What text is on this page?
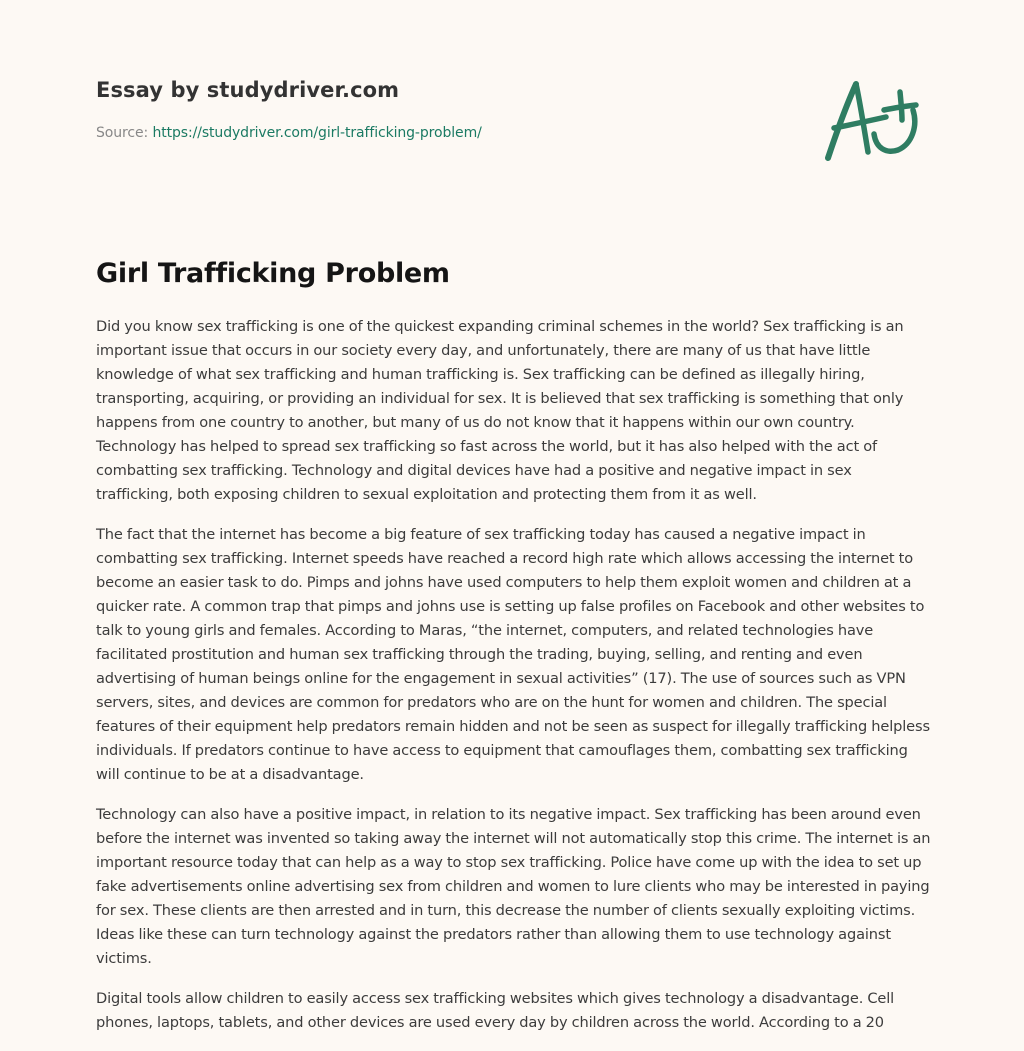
Essay by studydriver.com
Source: https://studydriver.com/girl-trafficking-problem/
Girl Trafficking Problem

Did you know sex trafficking is one of the quickest expanding criminal schemes in the world? Sex trafficking is an important issue that occurs in our society every day, and unfortunately, there are many of us that have little knowledge of what sex trafficking and human trafficking is. Sex trafficking can be defined as illegally hiring, transporting, acquiring, or providing an individual for sex. It is believed that sex trafficking is something that only happens from one country to another, but many of us do not know that it happens within our own country. Technology has helped to spread sex trafficking so fast across the world, but it has also helped with the act of combatting sex trafficking. Technology and digital devices have had a positive and negative impact in sex trafficking, both exposing children to sexual exploitation and protecting them from it as well.

The fact that the internet has become a big feature of sex trafficking today has caused a negative impact in combatting sex trafficking. Internet speeds have reached a record high rate which allows accessing the internet to become an easier task to do. Pimps and johns have used computers to help them exploit women and children at a quicker rate. A common trap that pimps and johns use is setting up false profiles on Facebook and other websites to talk to young girls and females. According to Maras, “the internet, computers, and related technologies have facilitated prostitution and human sex trafficking through the trading, buying, selling, and renting and even advertising of human beings online for the engagement in sexual activities” (17). The use of sources such as VPN servers, sites, and devices are common for predators who are on the hunt for women and children. The special features of their equipment help predators remain hidden and not be seen as suspect for illegally trafficking helpless individuals. If predators continue to have access to equipment that camouflages them, combatting sex trafficking will continue to be at a disadvantage.

Technology can also have a positive impact, in relation to its negative impact. Sex trafficking has been around even before the internet was invented so taking away the internet will not automatically stop this crime. The internet is an important resource today that can help as a way to stop sex trafficking. Police have come up with the idea to set up fake advertisements online advertising sex from children and women to lure clients who may be interested in paying for sex. These clients are then arrested and in turn, this decrease the number of clients sexually exploiting victims. Ideas like these can turn technology against the predators rather than allowing them to use technology against victims.

Digital tools allow children to easily access sex trafficking websites which gives technology a disadvantage. Cell phones, laptops, tablets, and other devices are used every day by children across the world. According to a 20
